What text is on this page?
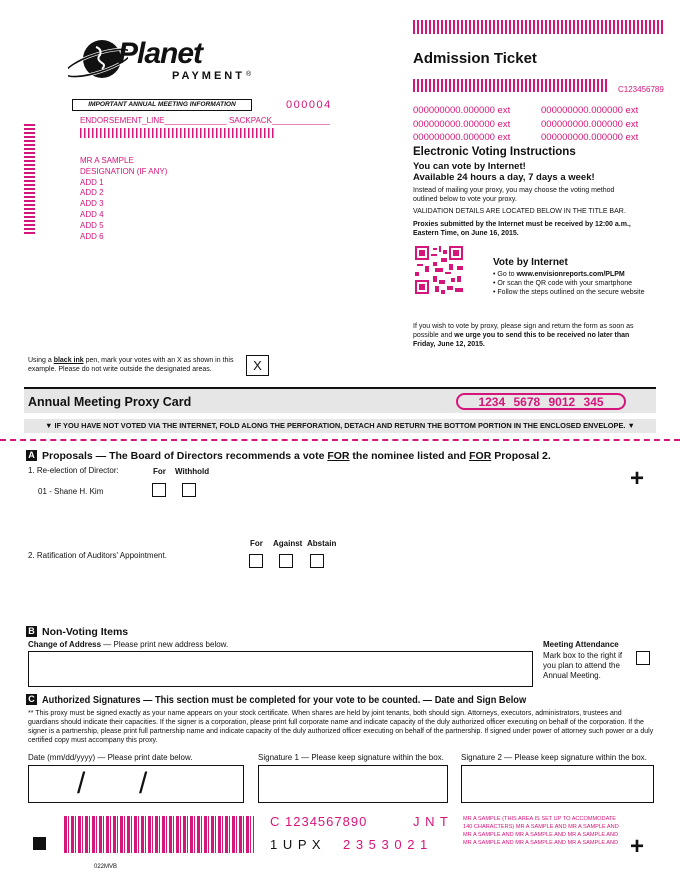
Planet
PAYMENT ®
Admission Ticket
C123456789
IMPORTANT ANNUAL MEETING INFORMATION	000004
ENDORSEMENT_LINE______________ SACKPACK_____________
MR A SAMPLE
DESIGNATION (IF ANY)
ADD 1
ADD 2
ADD 3
ADD 4
ADD 5
ADD 6
000000000.000000 ext	000000000.000000 ext
000000000.000000 ext	000000000.000000 ext
000000000.000000 ext	000000000.000000 ext
Electronic Voting Instructions
You can vote by Internet!
Available 24 hours a day, 7 days a week!
Instead of mailing your proxy, you may choose the voting method outlined below to vote your proxy.
VALIDATION DETAILS ARE LOCATED BELOW IN THE TITLE BAR.
Proxies submitted by the Internet must be received by 12:00 a.m., Eastern Time, on June 16, 2015.
Vote by Internet
• Go to www.envisionreports.com/PLPM
• Or scan the QR code with your smartphone
• Follow the steps outlined on the secure website
If you wish to vote by proxy, please sign and return the form as soon as possible and we urge you to send this to be received no later than Friday, June 12, 2015.
Using a black ink pen, mark your votes with an X as shown in this example. Please do not write outside the designated areas.	X
Annual Meeting Proxy Card	1234 5678 9012 345
▼ IF YOU HAVE NOT VOTED VIA THE INTERNET, FOLD ALONG THE PERFORATION, DETACH AND RETURN THE BOTTOM PORTION IN THE ENCLOSED ENVELOPE. ▼
A Proposals — The Board of Directors recommends a vote FOR the nominee listed and FOR Proposal 2.
1. Re-election of Director:	For Withhold
01 - Shane H. Kim	+
For Against Abstain
2. Ratification of Auditors' Appointment.
B Non-Voting Items
Change of Address — Please print new address below.	Meeting Attendance
Mark box to the right if you plan to attend the Annual Meeting.
C Authorized Signatures — This section must be completed for your vote to be counted. — Date and Sign Below
** This proxy must be signed exactly as your name appears on your stock certificate. When shares are held by joint tenants, both should sign. Attorneys, executors, administrators, trustees and guardians should indicate their capacities. If the signer is a corporation, please print full corporate name and indicate capacity of the duly authorized officer executing on behalf of the corporation. If the signer is a partnership, please print full partnership name and indicate capacity of the duly authorized officer executing on behalf of the partnership. If signed under power of attorney such power or a duly certified copy must accompany this proxy.
Date (mm/dd/yyyy) — Please print date below.
/ /
Signature 1 — Please keep signature within the box. Signature 2 — Please keep signature within the box.
C 1234567890	J N T
1 U P X 2 3 5 3 0 2 1
MR A SAMPLE (THIS AREA IS SET UP TO ACCOMMODATE 140 CHARACTERS) MR A SAMPLE AND MR A SAMPLE AND MR A SAMPLE AND MR A SAMPLE AND MR A SAMPLE AND MR A SAMPLE AND MR A SAMPLE AND MR A SAMPLE AND +
022MVB
